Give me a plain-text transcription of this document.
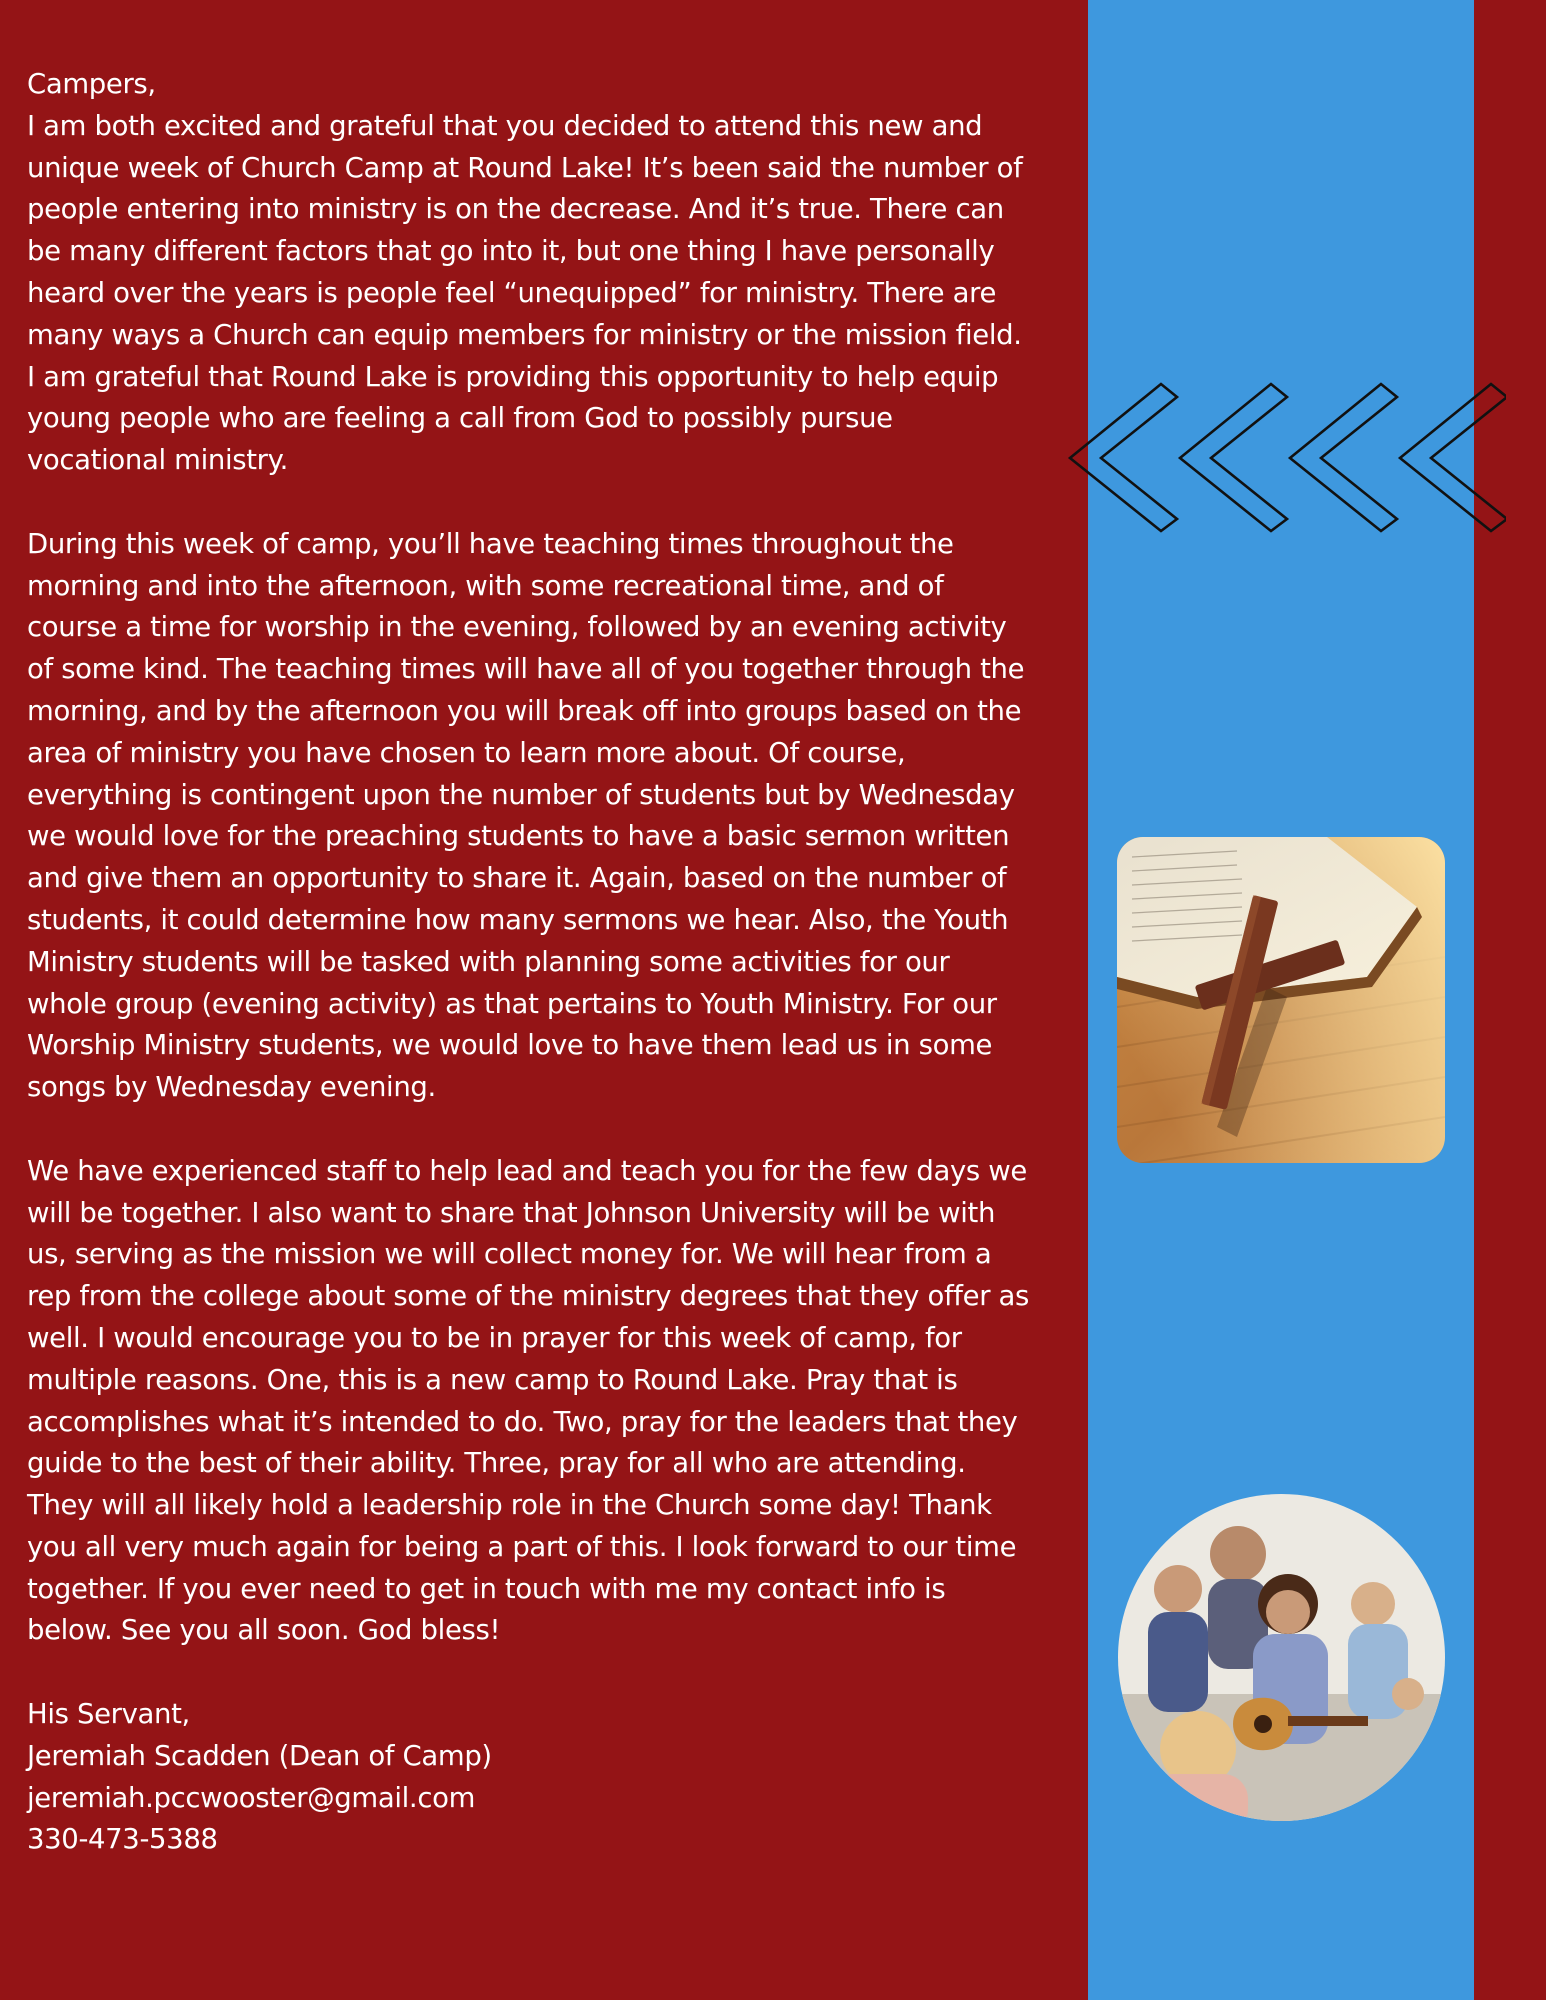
Campers,

I am both excited and grateful that you decided to attend this new and unique week of Church Camp at Round Lake! It’s been said the number of people entering into ministry is on the decrease. And it’s true. There can be many different factors that go into it, but one thing I have personally heard over the years is people feel “unequipped” for ministry. There are many ways a Church can equip members for ministry or the mission field. I am grateful that Round Lake is providing this opportunity to help equip young people who are feeling a call from God to possibly pursue vocational ministry.

During this week of camp, you’ll have teaching times throughout the morning and into the afternoon, with some recreational time, and of course a time for worship in the evening, followed by an evening activity of some kind. The teaching times will have all of you together through the morning, and by the afternoon you will break off into groups based on the area of ministry you have chosen to learn more about. Of course, everything is contingent upon the number of students but by Wednesday we would love for the preaching students to have a basic sermon written and give them an opportunity to share it. Again, based on the number of students, it could determine how many sermons we hear. Also, the Youth Ministry students will be tasked with planning some activities for our whole group (evening activity) as that pertains to Youth Ministry. For our Worship Ministry students, we would love to have them lead us in some songs by Wednesday evening.

We have experienced staff to help lead and teach you for the few days we will be together. I also want to share that Johnson University will be with us, serving as the mission we will collect money for. We will hear from a rep from the college about some of the ministry degrees that they offer as well. I would encourage you to be in prayer for this week of camp, for multiple reasons. One, this is a new camp to Round Lake. Pray that is accomplishes what it’s intended to do. Two, pray for the leaders that they guide to the best of their ability. Three, pray for all who are attending. They will all likely hold a leadership role in the Church some day! Thank you all very much again for being a part of this. I look forward to our time together. If you ever need to get in touch with me my contact info is below. See you all soon. God bless!

His Servant,

Jeremiah Scadden (Dean of Camp)

jeremiah.pccwooster@gmail.com

330-473-5388
